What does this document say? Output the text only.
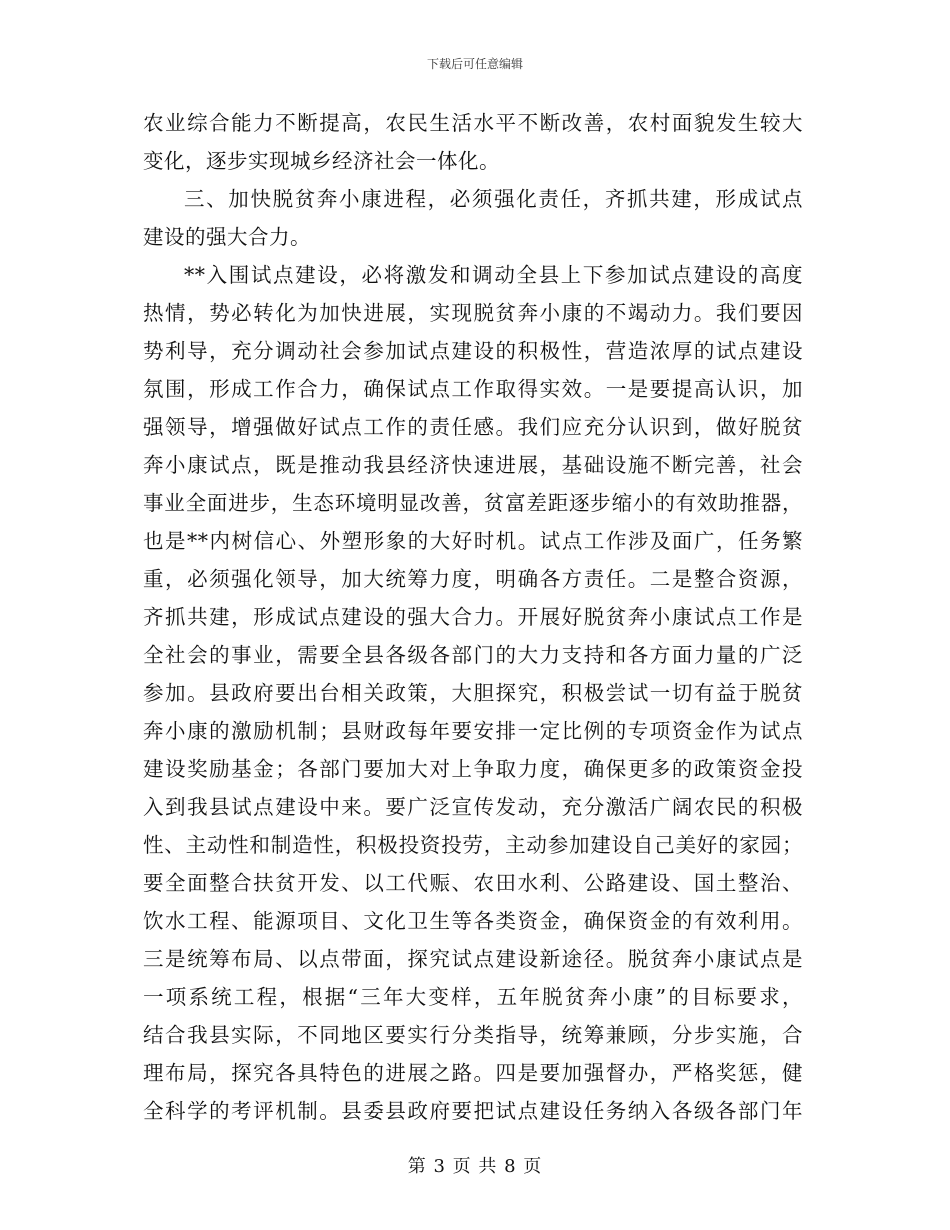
下载后可任意编辑
农业综合能力不断提高，农民生活水平不断改善，农村面貌发生较大
变化，逐步实现城乡经济社会一体化。
三、加快脱贫奔小康进程，必须强化责任，齐抓共建，形成试点
建设的强大合力。
**入围试点建设，必将激发和调动全县上下参加试点建设的高度
热情，势必转化为加快进展，实现脱贫奔小康的不竭动力。我们要因
势利导，充分调动社会参加试点建设的积极性，营造浓厚的试点建设
氛围，形成工作合力，确保试点工作取得实效。一是要提高认识，加
强领导，增强做好试点工作的责任感。我们应充分认识到，做好脱贫
奔小康试点，既是推动我县经济快速进展，基础设施不断完善，社会
事业全面进步，生态环境明显改善，贫富差距逐步缩小的有效助推器，
也是**内树信心、外塑形象的大好时机。试点工作涉及面广，任务繁
重，必须强化领导，加大统筹力度，明确各方责任。二是整合资源，
齐抓共建，形成试点建设的强大合力。开展好脱贫奔小康试点工作是
全社会的事业，需要全县各级各部门的大力支持和各方面力量的广泛
参加。县政府要出台相关政策，大胆探究，积极尝试一切有益于脱贫
奔小康的激励机制；县财政每年要安排一定比例的专项资金作为试点
建设奖励基金；各部门要加大对上争取力度，确保更多的政策资金投
入到我县试点建设中来。要广泛宣传发动，充分激活广阔农民的积极
性、主动性和制造性，积极投资投劳，主动参加建设自己美好的家园；
要全面整合扶贫开发、以工代赈、农田水利、公路建设、国土整治、
饮水工程、能源项目、文化卫生等各类资金，确保资金的有效利用。
三是统筹布局、以点带面，探究试点建设新途径。脱贫奔小康试点是
一项系统工程，根据“三年大变样，五年脱贫奔小康”的目标要求，
结合我县实际，不同地区要实行分类指导，统筹兼顾，分步实施，合
理布局，探究各具特色的进展之路。四是要加强督办，严格奖惩，健
全科学的考评机制。县委县政府要把试点建设任务纳入各级各部门年
第 3 页 共 8 页
